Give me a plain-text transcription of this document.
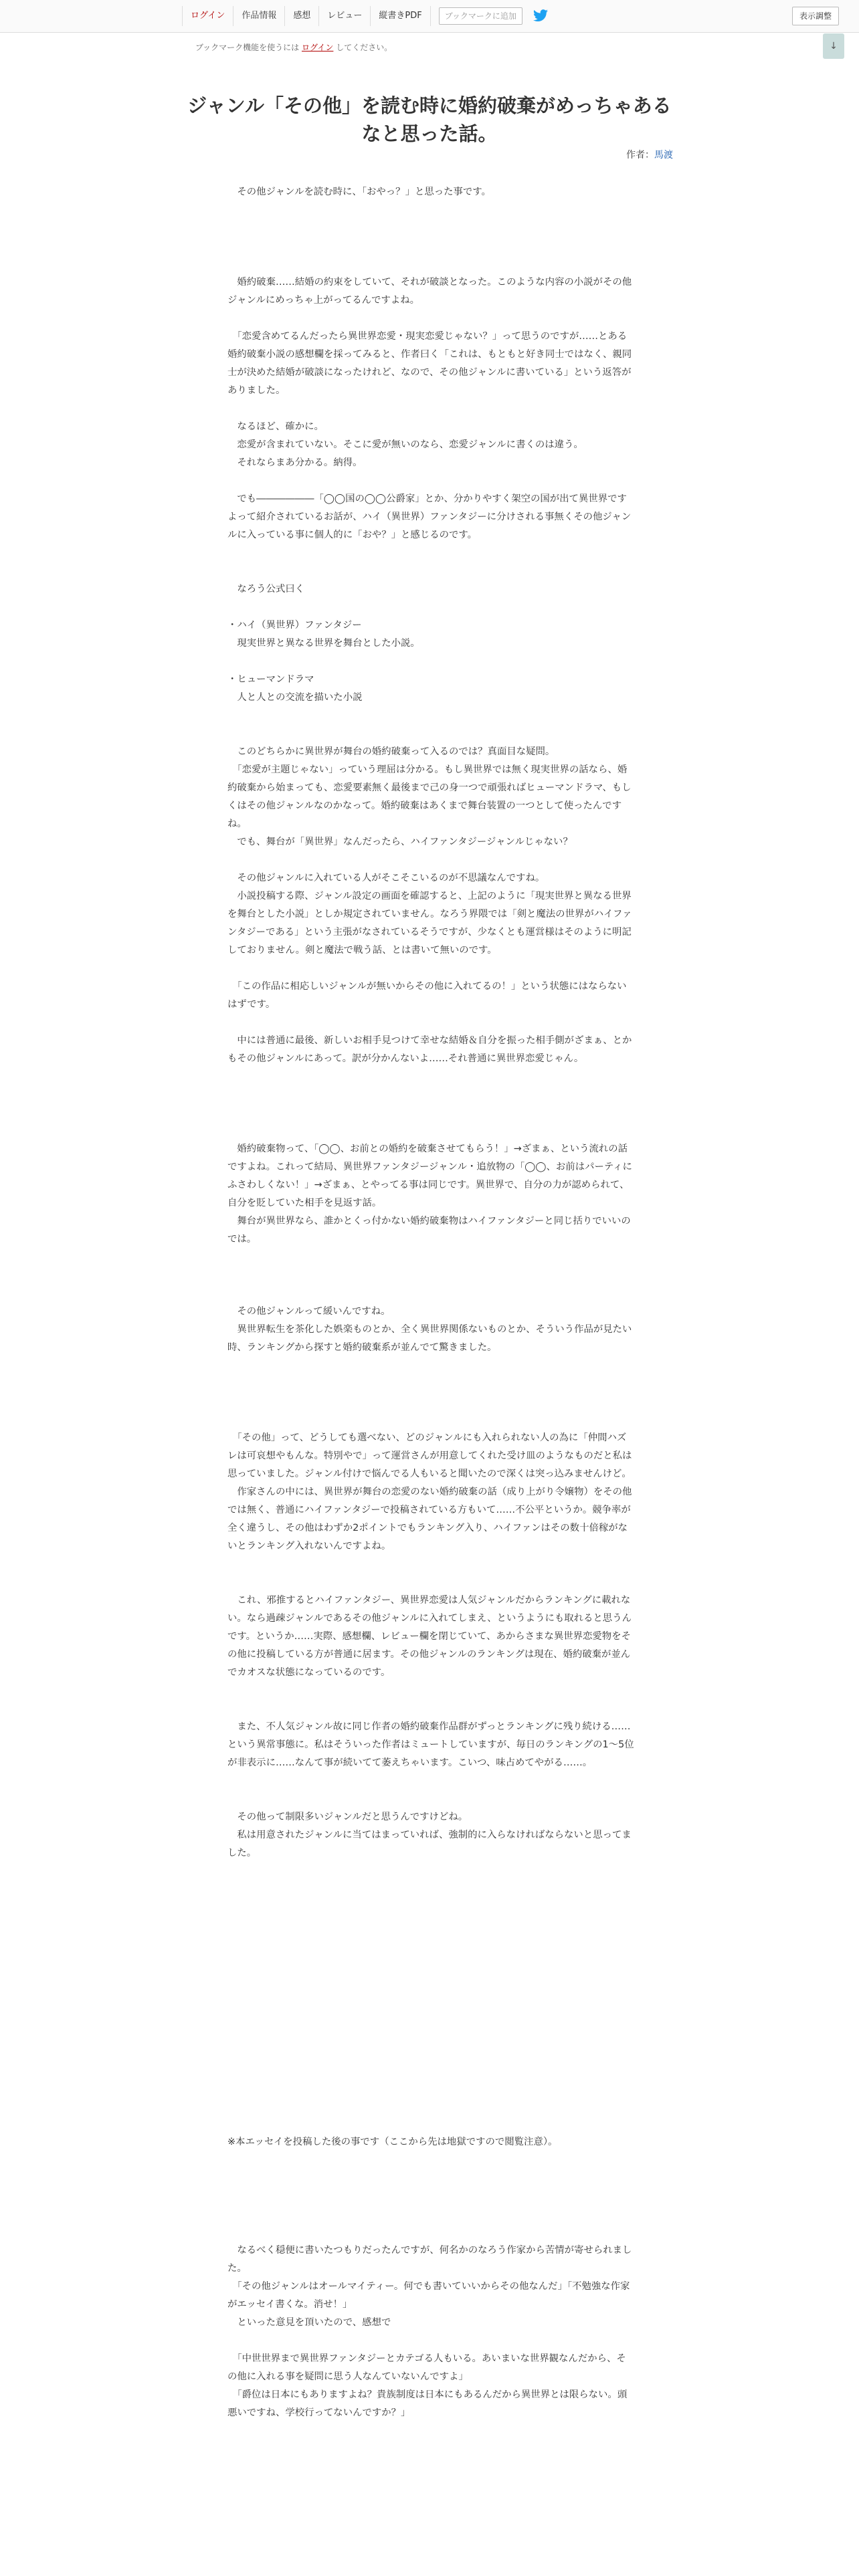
ログイン	作品情報	感想	レビュー	縦書きPDF	ブックマークに追加	表示調整
ブックマーク機能を使うには ログイン してください。	↓
ジャンル「その他」を読む時に婚約破棄がめっちゃあるなと思った話。
作者：馬渡

　その他ジャンルを読む時に、「おやっ？」と思った事です。

　婚約破棄……結婚の約束をしていて、それが破談となった。このような内容の小説がその他ジャンルにめっちゃ上がってるんですよね。

　「恋愛含めてるんだったら異世界恋愛・現実恋愛じゃない？」って思うのですが……とある婚約破棄小説の感想欄を採ってみると、作者曰く「これは、もともと好き同士ではなく、親同士が決めた結婚が破談になったけれど、なので、その他ジャンルに書いている」という返答がありました。

　なるほど、確かに。

　恋愛が含まれていない。そこに愛が無いのなら、恋愛ジャンルに書くのは違う。

　それならまあ分かる。納得。

　でも――――――「◯◯国の◯◯公爵家」とか、分かりやすく架空の国が出て異世界ですよって紹介されているお話が、ハイ（異世界）ファンタジーに分けされる事無くその他ジャンルに入っている事に個人的に「おや？」と感じるのです。

　なろう公式曰く

・ハイ（異世界）ファンタジー

　現実世界と異なる世界を舞台とした小説。

・ヒューマンドラマ

　人と人との交流を描いた小説

　このどちらかに異世界が舞台の婚約破棄って入るのでは？真面目な疑問。

　「恋愛が主題じゃない」っていう理屈は分かる。もし異世界では無く現実世界の話なら、婚約破棄から始まっても、恋愛要素無く最後まで己の身一つで頑張ればヒューマンドラマ、もしくはその他ジャンルなのかなって。婚約破棄はあくまで舞台装置の一つとして使ったんですね。

　でも、舞台が「異世界」なんだったら、ハイファンタジージャンルじゃない？

　その他ジャンルに入れている人がそこそこいるのが不思議なんですね。

　小説投稿する際、ジャンル設定の画面を確認すると、上記のように「現実世界と異なる世界を舞台とした小説」としか規定されていません。なろう界隈では「剣と魔法の世界がハイファンタジーである」という主張がなされているそうですが、少なくとも運営様はそのように明記しておりません。剣と魔法で戦う話、とは書いて無いのです。

　「この作品に相応しいジャンルが無いからその他に入れてるの！」という状態にはならないはずです。

　中には普通に最後、新しいお相手見つけて幸せな結婚＆自分を振った相手側がざまぁ、とかもその他ジャンルにあって。訳が分かんないよ……それ普通に異世界恋愛じゃん。

　婚約破棄物って、「◯◯、お前との婚約を破棄させてもらう！」→ざまぁ、という流れの話ですよね。これって結局、異世界ファンタジージャンル・追放物の「◯◯、お前はパーティにふさわしくない！」→ざまぁ、とやってる事は同じです。異世界で、自分の力が認められて、自分を貶していた相手を見返す話。

　舞台が異世界なら、誰かとくっ付かない婚約破棄物はハイファンタジーと同じ括りでいいのでは。

　その他ジャンルって緩いんですね。

　異世界転生を茶化した娯楽ものとか、全く異世界関係ないものとか、そういう作品が見たい時、ランキングから探すと婚約破棄系が並んでて驚きました。

　「その他」って、どうしても選べない、どのジャンルにも入れられない人の為に「仲間ハズレは可哀想やもんな。特別やで」って運営さんが用意してくれた受け皿のようなものだと私は思っていました。ジャンル付けで悩んでる人もいると聞いたので深くは突っ込みませんけど。

　作家さんの中には、異世界が舞台の恋愛のない婚約破棄の話（成り上がり令嬢物）をその他では無く、普通にハイファンタジーで投稿されている方もいて……不公平というか。競争率が全く違うし、その他はわずか2ポイントでもランキング入り、ハイファンはその数十倍稼がないとランキング入れないんですよね。

　これ、邪推するとハイファンタジー、異世界恋愛は人気ジャンルだからランキングに載れない。なら過疎ジャンルであるその他ジャンルに入れてしまえ、というようにも取れると思うんです。というか……実際、感想欄、レビュー欄を閉じていて、あからさまな異世界恋愛物をその他に投稿している方が普通に居ます。その他ジャンルのランキングは現在、婚約破棄が並んでカオスな状態になっているのです。

　また、不人気ジャンル故に同じ作者の婚約破棄作品群がずっとランキングに残り続ける……という異常事態に。私はそういった作者はミュートしていますが、毎日のランキングの1〜5位が非表示に……なんて事が続いてて萎えちゃいます。こいつ、味占めてやがる……。

　その他って制限多いジャンルだと思うんですけどね。

　私は用意されたジャンルに当てはまっていれば、強制的に入らなければならないと思ってました。

※本エッセイを投稿した後の事です（ここから先は地獄ですので閲覧注意）。

　なるべく穏便に書いたつもりだったんですが、何名かのなろう作家から苦情が寄せられました。

　「その他ジャンルはオールマイティー。何でも書いていいからその他なんだ」「不勉強な作家がエッセイ書くな。消せ！」

　といった意見を頂いたので、感想で

　「中世世界まで異世界ファンタジーとカテゴる人もいる。あいまいな世界観なんだから、その他に入れる事を疑問に思う人なんていないんですよ」

　「爵位は日本にもありますよね？貴族制度は日本にもあるんだから異世界とは限らない。頭悪いですね、学校行ってないんですか？」
